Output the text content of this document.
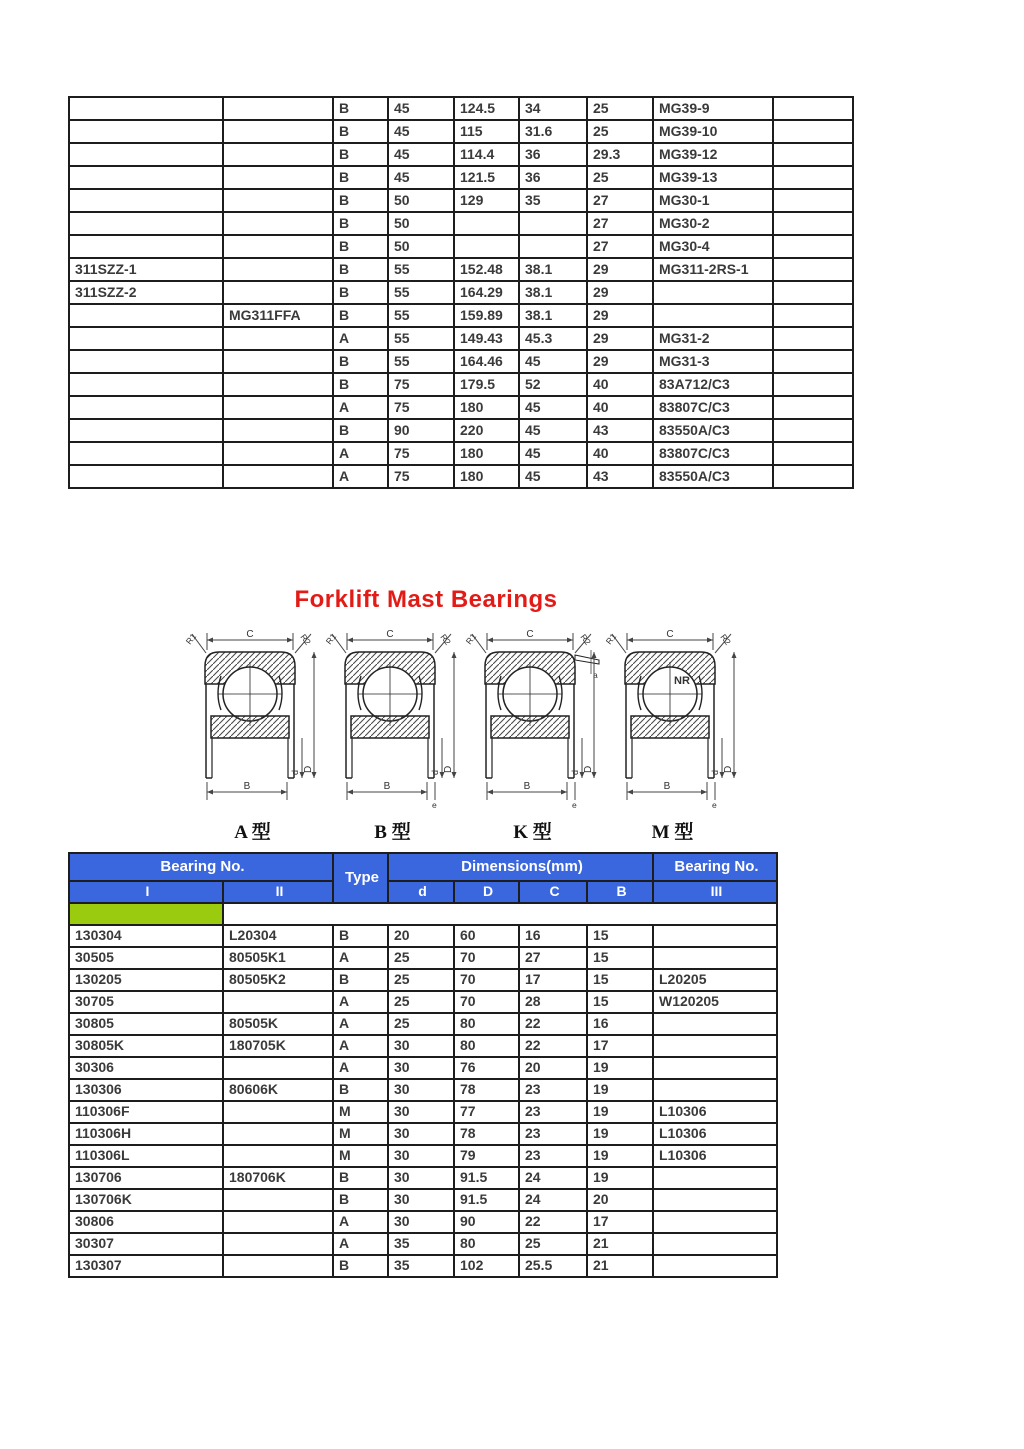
		B	45	124.5	34	25	MG39-9	
		B	45	115	31.6	25	MG39-10	
		B	45	114.4	36	29.3	MG39-12	
		B	45	121.5	36	25	MG39-13	
		B	50	129	35	27	MG30-1	
		B	50			27	MG30-2	
		B	50			27	MG30-4	
311SZZ-1		B	55	152.48	38.1	29	MG311-2RS-1	
311SZZ-2		B	55	164.29	38.1	29		
	MG311FFA	B	55	159.89	38.1	29		
		A	55	149.43	45.3	29	MG31-2	
		B	55	164.46	45	29	MG31-3	
		B	75	179.5	52	40	83A712/C3	
		A	75	180	45	40	83807C/C3	
		B	90	220	45	43	83550A/C3	
		A	75	180	45	40	83807C/C3	
		A	75	180	45	43	83550A/C3	
Forklift Mast Bearings
C
R1	R2
B
d D
A 型
C
R1	R2
B
e
d D
B 型
C
R1	R2
a
B
e
d D
K 型
C
R1	R2
NR
B
e
d D
M 型
Bearing No.		Type	Dimensions(mm)				Bearing No.
I	II		d	D	C	B	III

130304	L20304	B	20	60	16	15	
30505	80505K1	A	25	70	27	15	
130205	80505K2	B	25	70	17	15	L20205
30705		A	25	70	28	15	W120205
30805	80505K	A	25	80	22	16	
30805K	180705K	A	30	80	22	17	
30306		A	30	76	20	19	
130306	80606K	B	30	78	23	19	
110306F		M	30	77	23	19	L10306
110306H		M	30	78	23	19	L10306
110306L		M	30	79	23	19	L10306
130706	180706K	B	30	91.5	24	19	
130706K		B	30	91.5	24	20	
30806		A	30	90	22	17	
30307		A	35	80	25	21	
130307		B	35	102	25.5	21	
